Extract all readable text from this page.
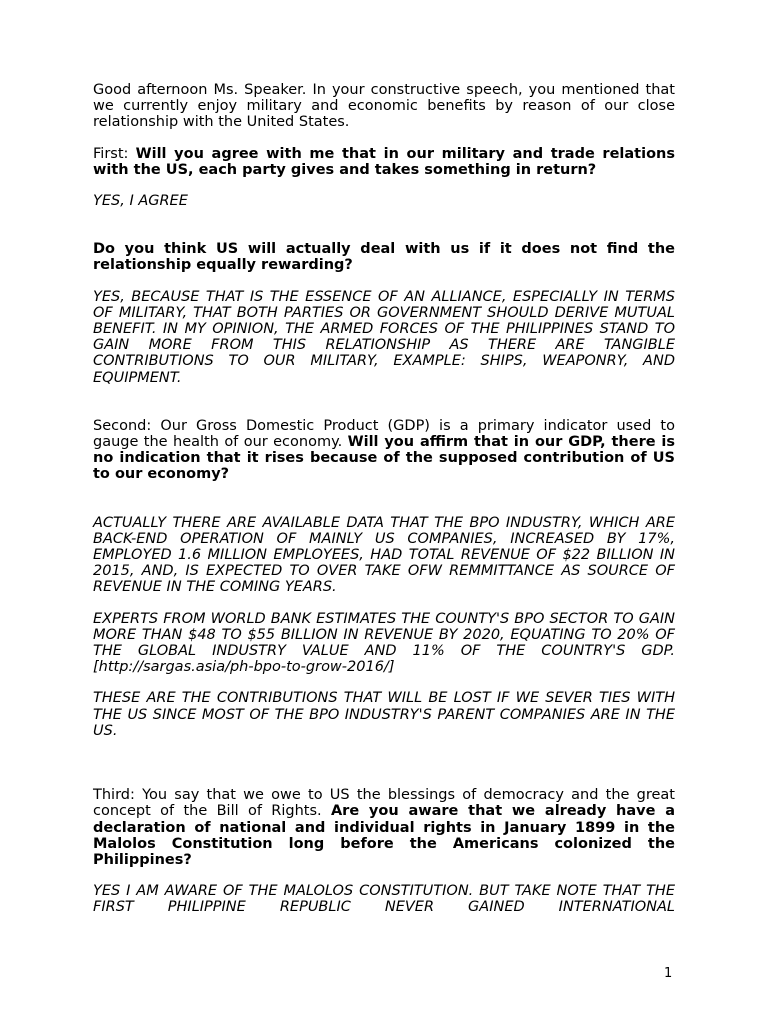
Good afternoon Ms. Speaker. In your constructive speech, you mentioned that we currently enjoy military and economic benefits by reason of our close relationship with the United States.

First: Will you agree with me that in our military and trade relations with the US, each party gives and takes something in return?

YES, I AGREE

Do you think US will actually deal with us if it does not find the relationship equally rewarding?

YES, BECAUSE THAT IS THE ESSENCE OF AN ALLIANCE, ESPECIALLY IN TERMS OF MILITARY, THAT BOTH PARTIES OR GOVERNMENT SHOULD DERIVE MUTUAL BENEFIT. IN MY OPINION, THE ARMED FORCES OF THE PHILIPPINES STAND TO GAIN MORE FROM THIS RELATIONSHIP AS THERE ARE TANGIBLE CONTRIBUTIONS TO OUR MILITARY, EXAMPLE: SHIPS, WEAPONRY, AND EQUIPMENT.

Second: Our Gross Domestic Product (GDP) is a primary indicator used to gauge the health of our economy. Will you affirm that in our GDP, there is no indication that it rises because of the supposed contribution of US to our economy?

ACTUALLY THERE ARE AVAILABLE DATA THAT THE BPO INDUSTRY, WHICH ARE BACK-END OPERATION OF MAINLY US COMPANIES, INCREASED BY 17%, EMPLOYED 1.6 MILLION EMPLOYEES, HAD TOTAL REVENUE OF $22 BILLION IN 2015, AND, IS EXPECTED TO OVER TAKE OFW REMMITTANCE AS SOURCE OF REVENUE IN THE COMING YEARS.

EXPERTS FROM WORLD BANK ESTIMATES THE COUNTY'S BPO SECTOR TO GAIN MORE THAN $48 TO $55 BILLION IN REVENUE BY 2020, EQUATING TO 20% OF THE GLOBAL INDUSTRY VALUE AND 11% OF THE COUNTRY'S GDP. [http://sargas.asia/ph-bpo-to-grow-2016/]

THESE ARE THE CONTRIBUTIONS THAT WILL BE LOST IF WE SEVER TIES WITH THE US SINCE MOST OF THE BPO INDUSTRY'S PARENT COMPANIES ARE IN THE US.

Third: You say that we owe to US the blessings of democracy and the great concept of the Bill of Rights. Are you aware that we already have a declaration of national and individual rights in January 1899 in the Malolos Constitution long before the Americans colonized the Philippines?

YES I AM AWARE OF THE MALOLOS CONSTITUTION. BUT TAKE NOTE THAT THE FIRST PHILIPPINE REPUBLIC NEVER GAINED INTERNATIONAL

1
